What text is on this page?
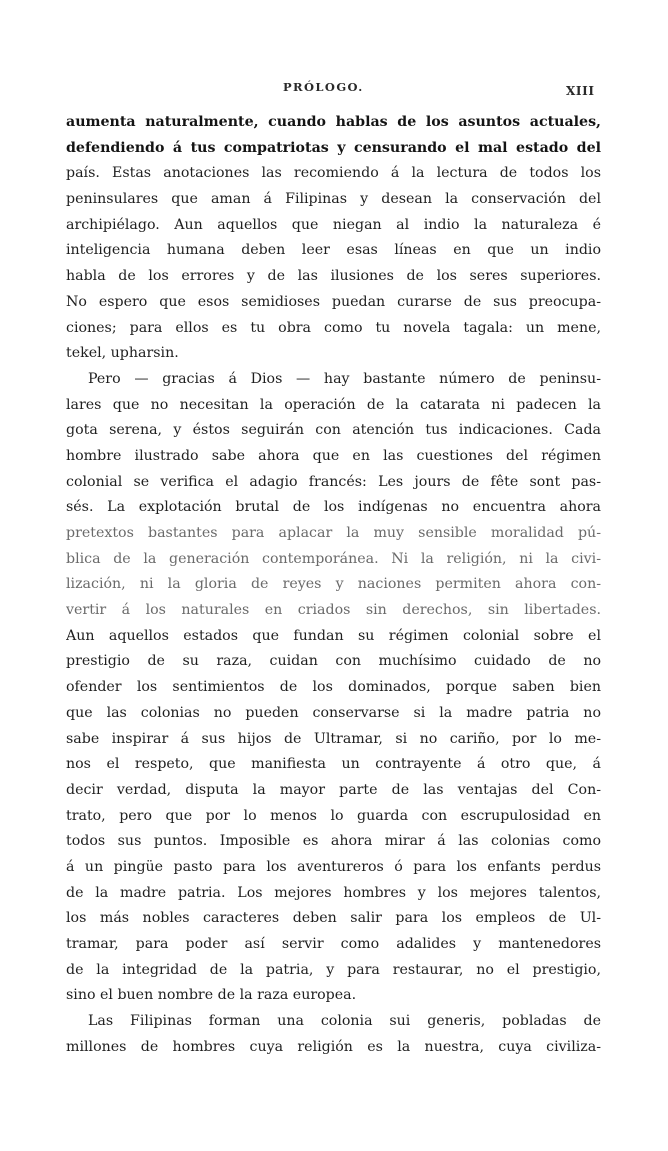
PRÓLOGO.	XIII
aumenta naturalmente, cuando hablas de los asuntos actuales,
defendiendo á tus compatriotas y censurando el mal estado del
país. Estas anotaciones las recomiendo á la lectura de todos los
peninsulares que aman á Filipinas y desean la conservación del
archipiélago. Aun aquellos que niegan al indio la naturaleza é
inteligencia humana deben leer esas líneas en que un indio
habla de los errores y de las ilusiones de los seres superiores.
No espero que esos semidioses puedan curarse de sus preocupa-
ciones; para ellos es tu obra como tu novela tagala: un mene,
tekel, upharsin.
Pero — gracias á Dios — hay bastante número de peninsu-
lares que no necesitan la operación de la catarata ni padecen la
gota serena, y éstos seguirán con atención tus indicaciones. Cada
hombre ilustrado sabe ahora que en las cuestiones del régimen
colonial se verifica el adagio francés: Les jours de fête sont pas-
sés. La explotación brutal de los indígenas no encuentra ahora
pretextos bastantes para aplacar la muy sensible moralidad pú-
blica de la generación contemporánea. Ni la religión, ni la civi-
lización, ni la gloria de reyes y naciones permiten ahora con-
vertir á los naturales en criados sin derechos, sin libertades.
Aun aquellos estados que fundan su régimen colonial sobre el
prestigio de su raza, cuidan con muchísimo cuidado de no
ofender los sentimientos de los dominados, porque saben bien
que las colonias no pueden conservarse si la madre patria no
sabe inspirar á sus hijos de Ultramar, si no cariño, por lo me-
nos el respeto, que manifiesta un contrayente á otro que, á
decir verdad, disputa la mayor parte de las ventajas del Con-
trato, pero que por lo menos lo guarda con escrupulosidad en
todos sus puntos. Imposible es ahora mirar á las colonias como
á un pingüe pasto para los aventureros ó para los enfants perdus
de la madre patria. Los mejores hombres y los mejores talentos,
los más nobles caracteres deben salir para los empleos de Ul-
tramar, para poder así servir como adalides y mantenedores
de la integridad de la patria, y para restaurar, no el prestigio,
sino el buen nombre de la raza europea.
Las Filipinas forman una colonia sui generis, pobladas de
millones de hombres cuya religión es la nuestra, cuya civiliza-
